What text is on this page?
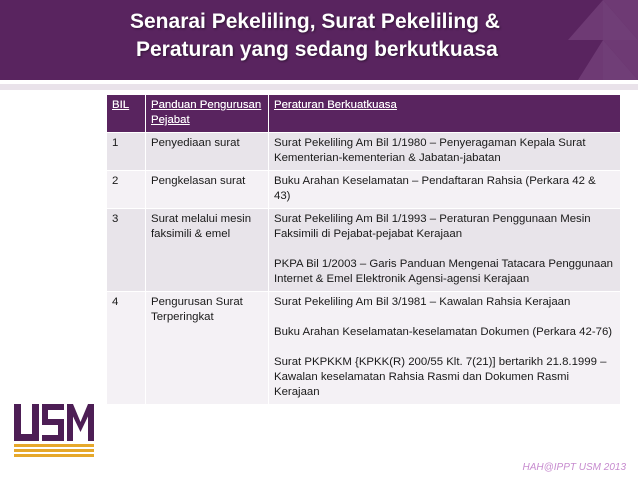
Senarai Pekeliling, Surat Pekeliling &
Peraturan yang sedang berkutkuasa
BIL	Panduan Pengurusan Pejabat	Peraturan Berkuatkuasa
1	Penyediaan surat	Surat Pekeliling Am Bil 1/1980 – Penyeragaman Kepala Surat Kementerian-kementerian & Jabatan-jabatan

2	Pengkelasan surat	Buku Arahan Keselamatan – Pendaftaran Rahsia (Perkara 42 & 43)

3	Surat melalui mesin faksimili & emel	Surat Pekeliling Am Bil 1/1993 – Peraturan Penggunaan Mesin Faksimili di Pejabat-pejabat Kerajaan

PKPA Bil 1/2003 – Garis Panduan Mengenai Tatacara Penggunaan Internet & Emel Elektronik Agensi-agensi Kerajaan

4	Pengurusan Surat Terperingkat	Surat Pekeliling Am Bil 3/1981 – Kawalan Rahsia Kerajaan

Buku Arahan Keselamatan-keselamatan Dokumen (Perkara 42-76)

Surat PKPKKM {KPKK(R) 200/55 Klt. 7(21)] bertarikh 21.8.1999 – Kawalan keselamatan Rahsia Rasmi dan Dokumen Rasmi Kerajaan

HAH@IPPT USM 2013
